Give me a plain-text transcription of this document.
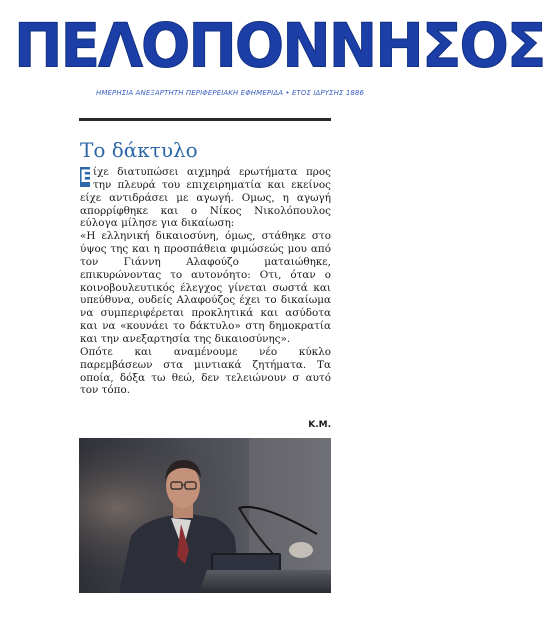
ΠΕΛΟΠΟΝΝΗΣΟΣ
ΗΜΕΡΗΣΙΑ ΑΝΕΞΑΡΤΗΤΗ ΠΕΡΙΦΕΡΕΙΑΚΗ ΕΦΗΜΕΡΙΔΑ • ΕΤΟΣ ΙΔΡΥΣΗΣ 1886
Το δάκτυλο

Ε ίχε διατυπώσει αιχμηρά ερωτήματα προς την πλευρά του επιχειρηματία και εκείνος είχε αντιδράσει με αγωγή. Ομως, η αγωγή απορρίφθηκε και ο Νίκος Νικολόπουλος εύλογα μίλησε για δικαίωση:

«Η ελληνική δικαιοσύνη, όμως, στάθηκε στο ύψος της και η προσπάθεια φιμώσεώς μου από τον Γιάννη Αλαφούζο ματαιώθηκε, επικυρώνοντας το αυτονόητο: Οτι, όταν ο κοινοβουλευτικός έλεγχος γίνεται σωστά και υπεύθυνα, ουδείς Αλαφούζος έχει το δικαίωμα να συμπεριφέρεται προκλητικά και ασύδοτα και να «κουνάει το δάκτυλο» στη δημοκρατία και την ανεξαρτησία της δικαιοσύνης».

Οπότε και αναμένουμε νέο κύκλο παρεμβάσεων στα μιντιακά ζητήματα. Τα οποία, δόξα τω θεώ, δεν τελειώνουν σ αυτό τον τόπο.

Κ.Μ.
